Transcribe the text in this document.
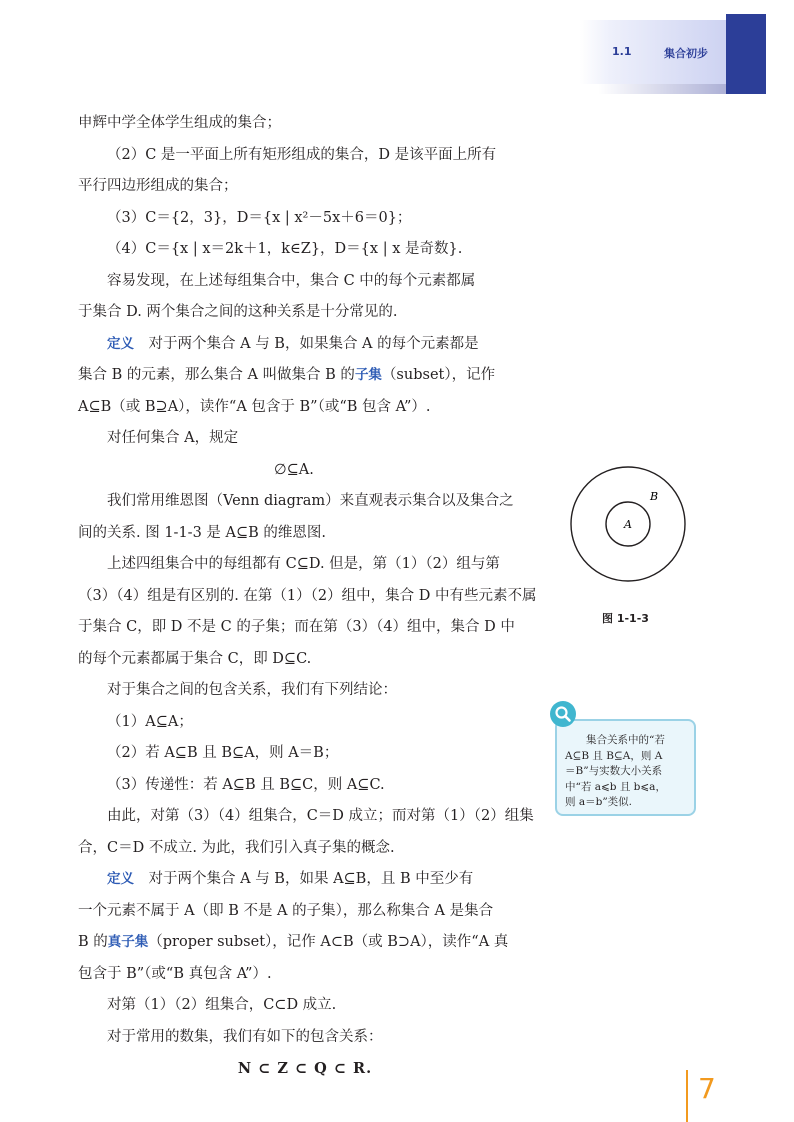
1.1	集合初步
申辉中学全体学生组成的集合；
（2）C 是一平面上所有矩形组成的集合，D 是该平面上所有
平行四边形组成的集合；
（3）C＝{2，3}，D＝{x | x²－5x＋6＝0}；
（4）C＝{x | x＝2k＋1，k∈Z}，D＝{x | x 是奇数}.
容易发现，在上述每组集合中，集合 C 中的每个元素都属
于集合 D. 两个集合之间的这种关系是十分常见的.
定义　 对于两个集合 A 与 B，如果集合 A 的每个元素都是
集合 B 的元素，那么集合 A 叫做集合 B 的子集（subset），记作
A⊆B（或 B⊇A），读作“A 包含于 B”（或“B 包含 A”）.
对任何集合 A，规定
∅⊆A.
我们常用维恩图（Venn diagram）来直观表示集合以及集合之
间的关系. 图 1-1-3 是 A⊆B 的维恩图.
上述四组集合中的每组都有 C⊆D. 但是，第（1）（2）组与第
（3）（4）组是有区别的. 在第（1）（2）组中，集合 D 中有些元素不属
于集合 C，即 D 不是 C 的子集；而在第（3）（4）组中，集合 D 中
的每个元素都属于集合 C，即 D⊆C.
对于集合之间的包含关系，我们有下列结论：
（1）A⊆A；
（2）若 A⊆B 且 B⊆A，则 A＝B；
（3）传递性：若 A⊆B 且 B⊆C，则 A⊆C.
由此，对第（3）（4）组集合，C＝D 成立；而对第（1）（2）组集
合，C＝D 不成立. 为此，我们引入真子集的概念.
定义　 对于两个集合 A 与 B，如果 A⊆B，且 B 中至少有
一个元素不属于 A（即 B 不是 A 的子集），那么称集合 A 是集合
B 的真子集（proper subset），记作 A⊂B（或 B⊃A），读作“A 真
包含于 B”（或“B 真包含 A”）.
对第（1）（2）组集合，C⊂D 成立.
对于常用的数集，我们有如下的包含关系：
N ⊂ Z ⊂ Q ⊂ R.
A
B
图 1-1-3
集合关系中的“若
A⊆B 且 B⊆A，则 A
＝B”与实数大小关系
中“若 a⩽b 且 b⩽a，
则 a＝b”类似.
7
